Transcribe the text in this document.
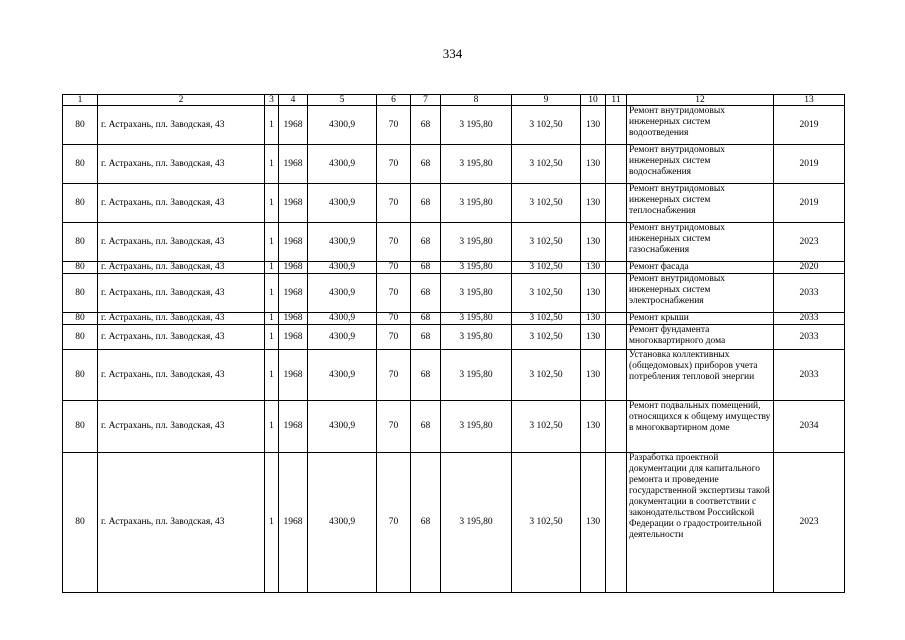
334
1	2	3	4	5	6	7	8	9	10	11	12	13
80	г. Астрахань, пл. Заводская, 43	1	1968	4300,9	70	68	3 195,80	3 102,50	130		Ремонт внутридомовых инженерных систем водоотведения	2019
80	г. Астрахань, пл. Заводская, 43	1	1968	4300,9	70	68	3 195,80	3 102,50	130		Ремонт внутридомовых инженерных систем водоснабжения	2019
80	г. Астрахань, пл. Заводская, 43	1	1968	4300,9	70	68	3 195,80	3 102,50	130		Ремонт внутридомовых инженерных систем теплоснабжения	2019
80	г. Астрахань, пл. Заводская, 43	1	1968	4300,9	70	68	3 195,80	3 102,50	130		Ремонт внутридомовых инженерных систем газоснабжения	2023
80	г. Астрахань, пл. Заводская, 43	1	1968	4300,9	70	68	3 195,80	3 102,50	130		Ремонт фасада	2020
80	г. Астрахань, пл. Заводская, 43	1	1968	4300,9	70	68	3 195,80	3 102,50	130		Ремонт внутридомовых инженерных систем электроснабжения	2033
80	г. Астрахань, пл. Заводская, 43	1	1968	4300,9	70	68	3 195,80	3 102,50	130		Ремонт крыши	2033
80	г. Астрахань, пл. Заводская, 43	1	1968	4300,9	70	68	3 195,80	3 102,50	130		Ремонт фундамента многоквартирного дома	2033
80	г. Астрахань, пл. Заводская, 43	1	1968	4300,9	70	68	3 195,80	3 102,50	130		Установка коллективных (общедомовых) приборов учета потребления тепловой энергии	2033
80	г. Астрахань, пл. Заводская, 43	1	1968	4300,9	70	68	3 195,80	3 102,50	130		Ремонт подвальных помещений, относящихся к общему имуществу в многоквартирном доме	2034
80	г. Астрахань, пл. Заводская, 43	1	1968	4300,9	70	68	3 195,80	3 102,50	130		Разработка проектной документации для капитального ремонта и проведение государственной экспертизы такой документации в соответствии с законодательством Российской Федерации о градостроительной деятельности	2023
